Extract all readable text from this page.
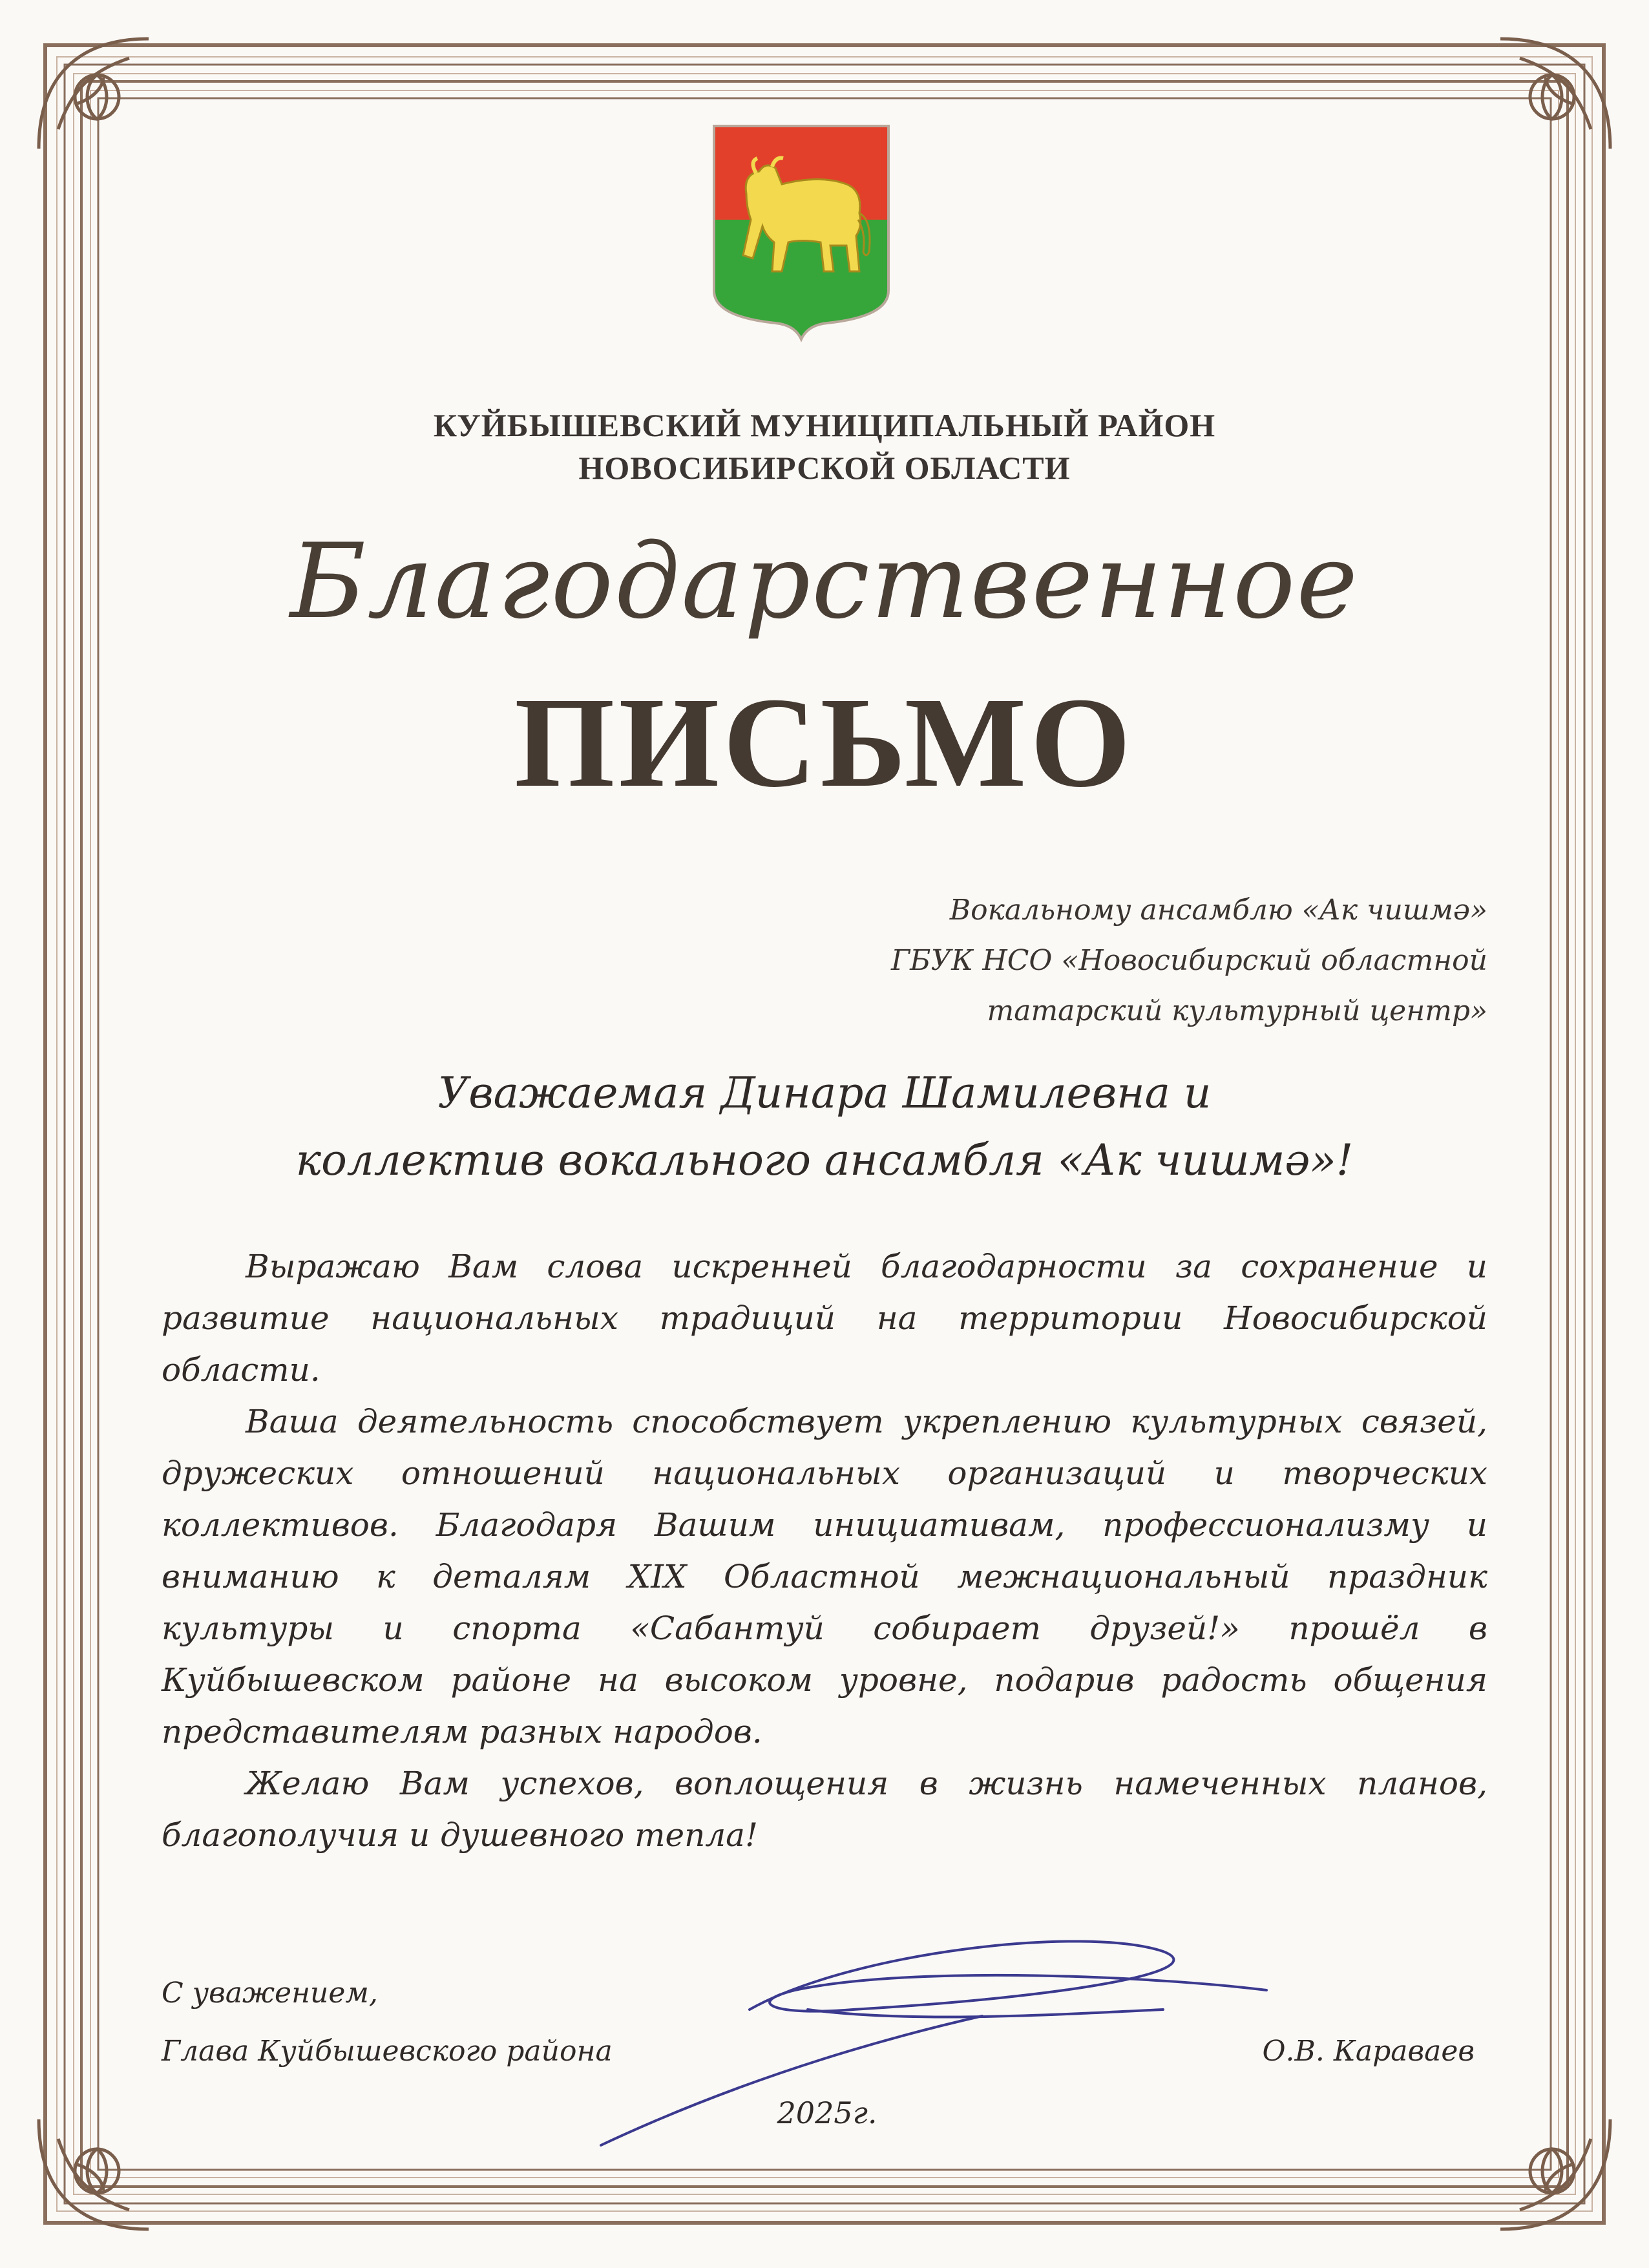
КУЙБЫШЕВСКИЙ МУНИЦИПАЛЬНЫЙ РАЙОН
НОВОСИБИРСКОЙ ОБЛАСТИ
Благодарственное
ПИСЬМО
Вокальному ансамблю «Ак чишмә»
ГБУК НСО «Новосибирский областной
татарский культурный центр»
Уважаемая Динара Шамилевна и
коллектив вокального ансамбля «Ак чишмә»!

Выражаю Вам слова искренней благодарности за сохранение и развитие национальных традиций на территории Новосибирской области.

Ваша деятельность способствует укреплению культурных связей, дружеских отношений национальных организаций и творческих коллективов. Благодаря Вашим инициативам, профессионализму и вниманию к деталям XIX Областной межнациональный праздник культуры и спорта «Сабантуй собирает друзей!» прошёл в Куйбышевском районе на высоком уровне, подарив радость общения представителям разных народов.

Желаю Вам успехов, воплощения в жизнь намеченных планов, благополучия и душевного тепла!

С уважением,
Глава Куйбышевского района	О.В. Караваев
2025г.
